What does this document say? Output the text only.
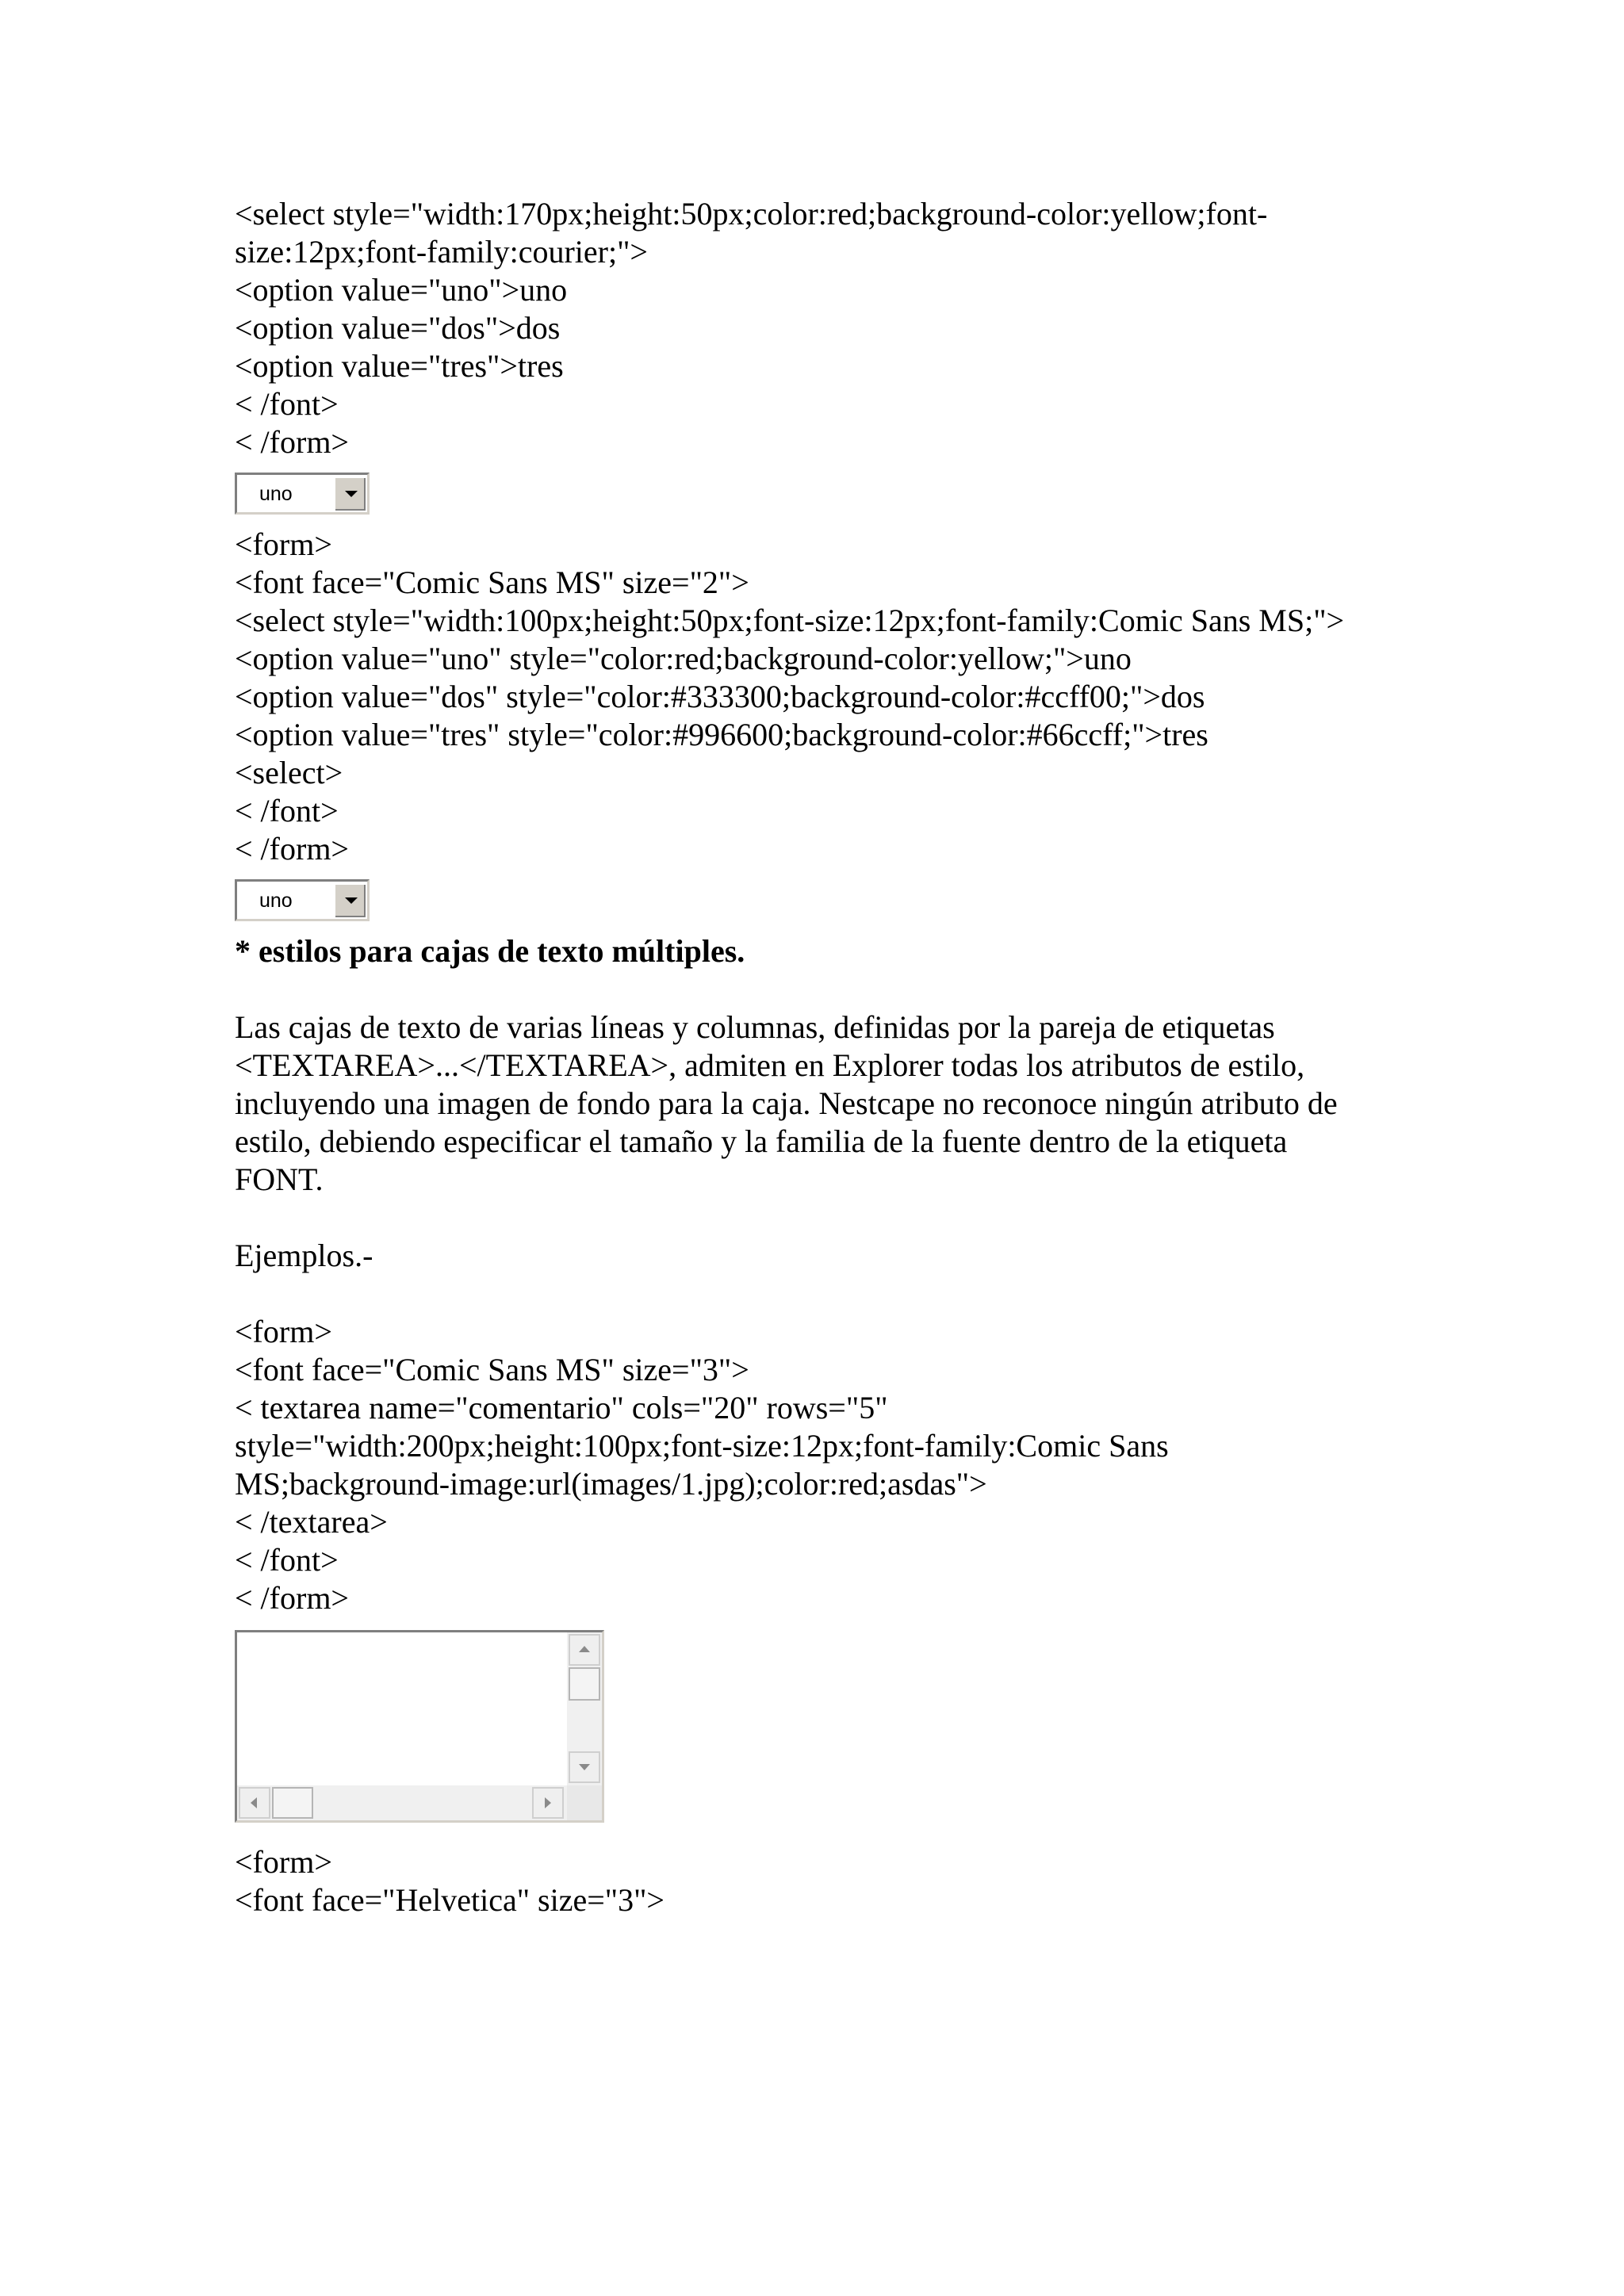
<select style="width:170px;height:50px;color:red;background-color:yellow;font-
size:12px;font-family:courier;">
<option value="uno">uno
<option value="dos">dos
<option value="tres">tres
< /font>
< /form>
uno
<form>
<font face="Comic Sans MS" size="2">
<select style="width:100px;height:50px;font-size:12px;font-family:Comic Sans MS;">
<option value="uno" style="color:red;background-color:yellow;">uno
<option value="dos" style="color:#333300;background-color:#ccff00;">dos
<option value="tres" style="color:#996600;background-color:#66ccff;">tres
<select>
< /font>
< /form>
uno
* estilos para cajas de texto múltiples.
Las cajas de texto de varias líneas y columnas, definidas por la pareja de etiquetas
<TEXTAREA>...</TEXTAREA>, admiten en Explorer todas los atributos de estilo,
incluyendo una imagen de fondo para la caja. Nestcape no reconoce ningún atributo de
estilo, debiendo especificar el tamaño y la familia de la fuente dentro de la etiqueta
FONT.
Ejemplos.-
<form>
<font face="Comic Sans MS" size="3">
< textarea name="comentario" cols="20" rows="5"
style="width:200px;height:100px;font-size:12px;font-family:Comic Sans
MS;background-image:url(images/1.jpg);color:red;asdas">
< /textarea>
< /font>
< /form>
<form>
<font face="Helvetica" size="3">
